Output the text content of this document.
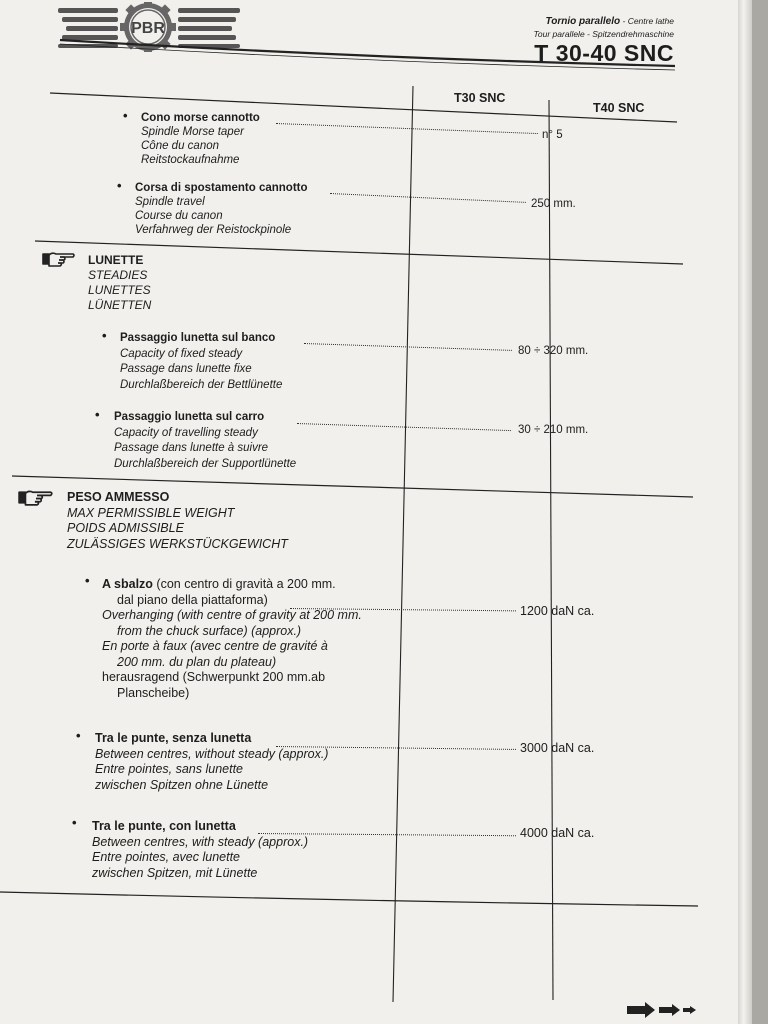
PBR	Tornio parallelo - Centre lathe
Tour parallele - Spitzendrehmaschine
T 30-40 SNC
T30 SNC
T40 SNC
• Cono morse cannotto
Spindle Morse taper
Cône du canon
Reitstockaufnahme
n° 5
• Corsa di spostamento cannotto
Spindle travel
Course du canon
Verfahrweg der Reistockpinole
250 mm.
LUNETTE
STEADIES
LUNETTES
LÜNETTEN
• Passaggio lunetta sul banco
Capacity of fixed steady
Passage dans lunette fixe
Durchlaßbereich der Bettlünette
80 ÷ 320 mm.
• Passaggio lunetta sul carro
Capacity of travelling steady
Passage dans lunette à suivre
Durchlaßbereich der Supportlünette
30 ÷ 210 mm.
PESO AMMESSO
MAX PERMISSIBLE WEIGHT
POIDS ADMISSIBLE
ZULÄSSIGES WERKSTÜCKGEWICHT
• A sbalzo (con centro di gravità a 200 mm.
dal piano della piattaforma)
Overhanging (with centre of gravity at 200 mm.
from the chuck surface) (approx.)
En porte à faux (avec centre de gravité à
200 mm. du plan du plateau)
herausragend (Schwerpunkt 200 mm.ab
Planscheibe)
1200 daN ca.
• Tra le punte, senza lunetta
Between centres, without steady (approx.)
Entre pointes, sans lunette
zwischen Spitzen ohne Lünette
3000 daN ca.
• Tra le punte, con lunetta
Between centres, with steady (approx.)
Entre pointes, avec lunette
zwischen Spitzen, mit Lünette
4000 daN ca.
